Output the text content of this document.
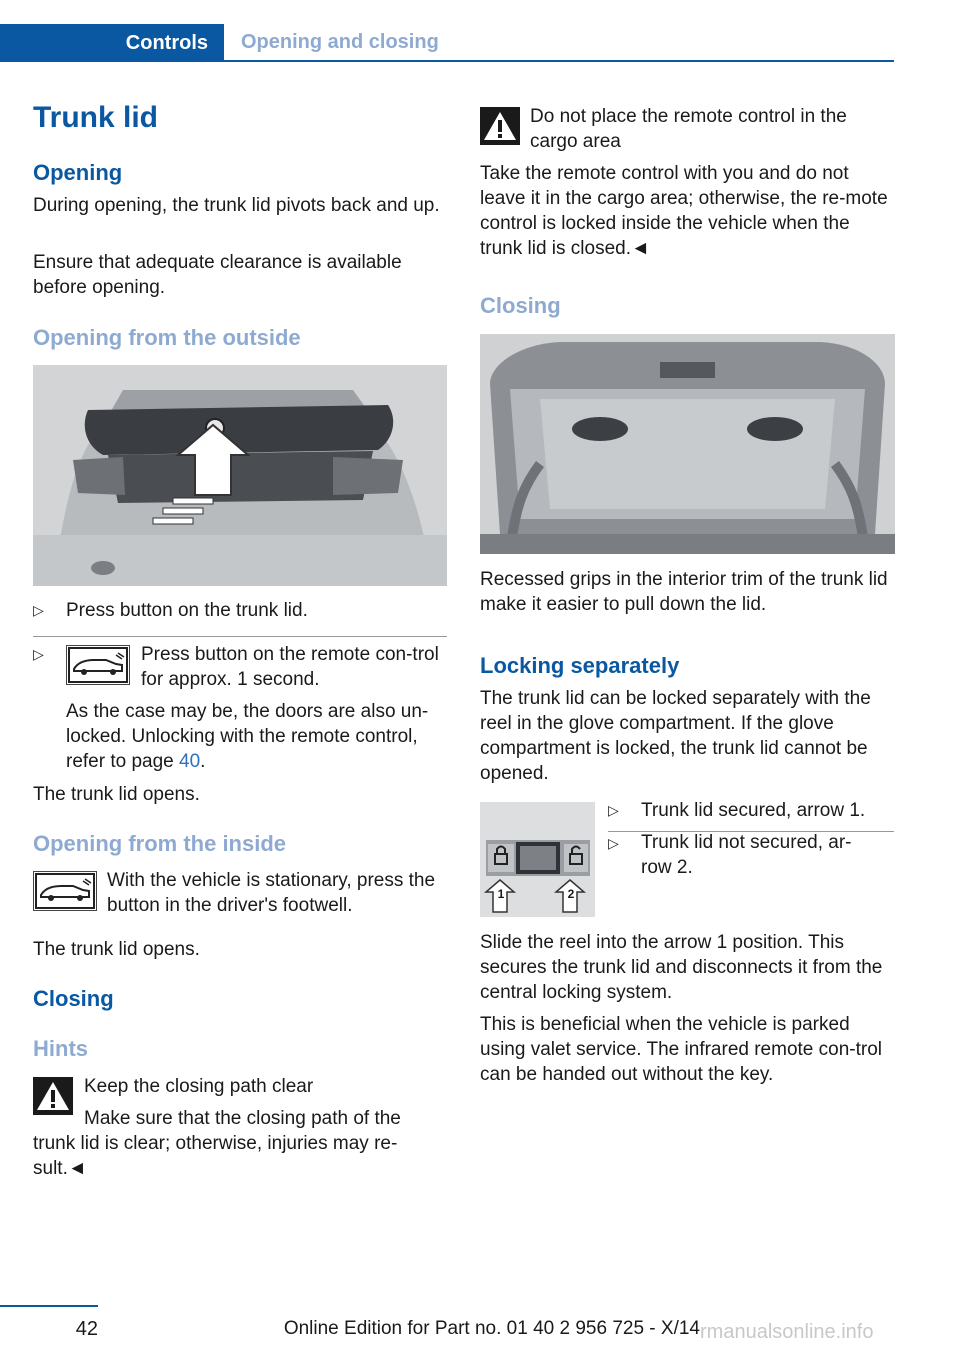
Controls Opening and closing
Trunk lid
Opening
During opening, the trunk lid pivots back and up.
Ensure that adequate clearance is available before opening.
Opening from the outside
▷ Press button on the trunk lid.
▷	Press button on the remote con-trol for approx. 1 second.
As the case may be, the doors are also un-locked. Unlocking with the remote control, refer to page 40.
The trunk lid opens.
Opening from the inside
With the vehicle is stationary, press the button in the driver's footwell.
The trunk lid opens.
Closing
Hints
Keep the closing path clear
Make sure that the closing path of the trunk lid is clear; otherwise, injuries may re-sult.◄
Do not place the remote control in the cargo area
Take the remote control with you and do not leave it in the cargo area; otherwise, the re-mote control is locked inside the vehicle when the trunk lid is closed.◄
Closing
Recessed grips in the interior trim of the trunk lid make it easier to pull down the lid.
Locking separately
The trunk lid can be locked separately with the reel in the glove compartment. If the glove compartment is locked, the trunk lid cannot be opened.
1	2
▷ Trunk lid secured, arrow 1.
▷ Trunk lid not secured, ar-row 2.
Slide the reel into the arrow 1 position. This secures the trunk lid and disconnects it from the central locking system.
This is beneficial when the vehicle is parked using valet service. The infrared remote con-trol can be handed out without the key.
42	Online Edition for Part no. 01 40 2 956 725 - X/14 rmanualsonline.info
